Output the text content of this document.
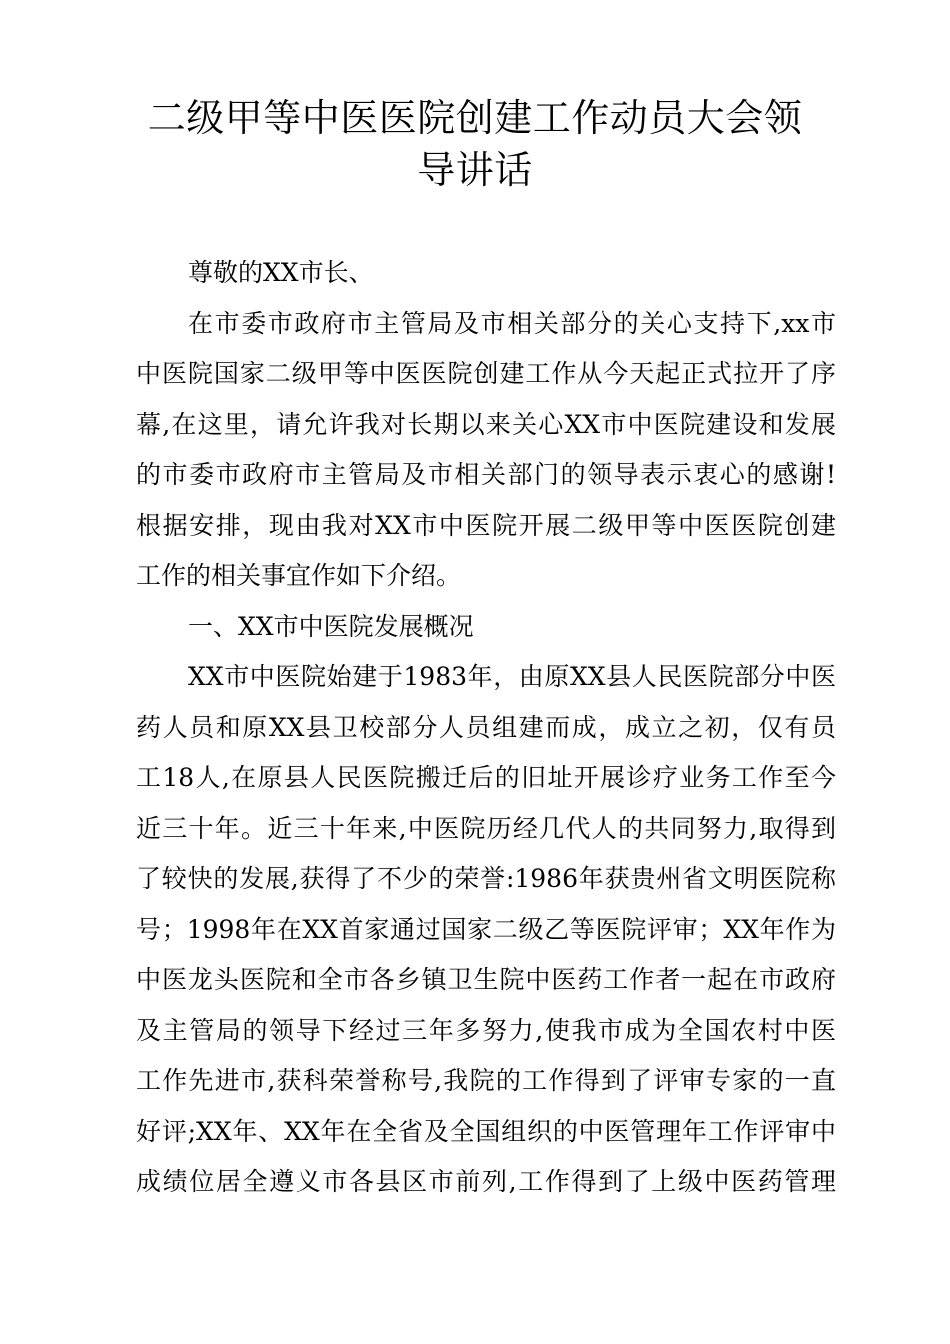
二级甲等中医医院创建工作动员大会领
导讲话
尊敬的XX市长、
在市委市政府市主管局及市相关部分的关心支持下,xx市
中医院国家二级甲等中医医院创建工作从今天起正式拉开了序
幕,在这里，请允许我对长期以来关心XX市中医院建设和发展
的市委市政府市主管局及市相关部门的领导表示衷心的感谢!
根据安排，现由我对XX市中医院开展二级甲等中医医院创建
工作的相关事宜作如下介绍。
一、XX市中医院发展概况
XX市中医院始建于1983年，由原XX县人民医院部分中医
药人员和原XX县卫校部分人员组建而成，成立之初，仅有员
工18人,在原县人民医院搬迁后的旧址开展诊疗业务工作至今
近三十年。近三十年来,中医院历经几代人的共同努力,取得到
了较快的发展,获得了不少的荣誉:1986年获贵州省文明医院称
号；1998年在XX首家通过国家二级乙等医院评审；XX年作为
中医龙头医院和全市各乡镇卫生院中医药工作者一起在市政府
及主管局的领导下经过三年多努力,使我市成为全国农村中医
工作先进市,获科荣誉称号,我院的工作得到了评审专家的一直
好评;XX年、XX年在全省及全国组织的中医管理年工作评审中
成绩位居全遵义市各县区市前列,工作得到了上级中医药管理
